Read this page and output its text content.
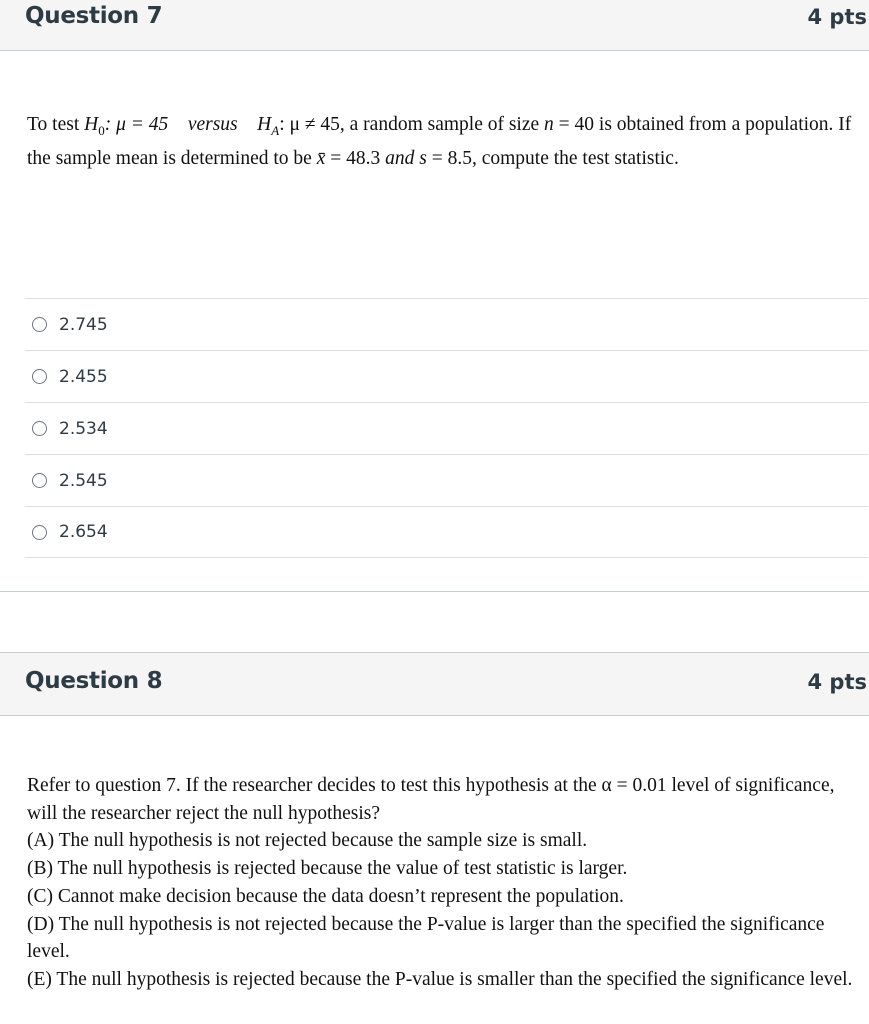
Question 7	4 pts
To test $H_0$: μ = 45 versus $H_A$: μ ≠ 45, a random sample of size n = 40 is obtained from a population. If the sample mean is determined to be x̄ = 48.3 and s = 8.5, compute the test statistic.
2.745
2.455
2.534
2.545
2.654
Question 8	4 pts

Refer to question 7. If the researcher decides to test this hypothesis at the α = 0.01 level of significance, will the researcher reject the null hypothesis?

(A) The null hypothesis is not rejected because the sample size is small.

(B) The null hypothesis is rejected because the value of test statistic is larger.

(C) Cannot make decision because the data doesn’t represent the population.

(D) The null hypothesis is not rejected because the P-value is larger than the specified the significance level.

(E) The null hypothesis is rejected because the P-value is smaller than the specified the significance level.
